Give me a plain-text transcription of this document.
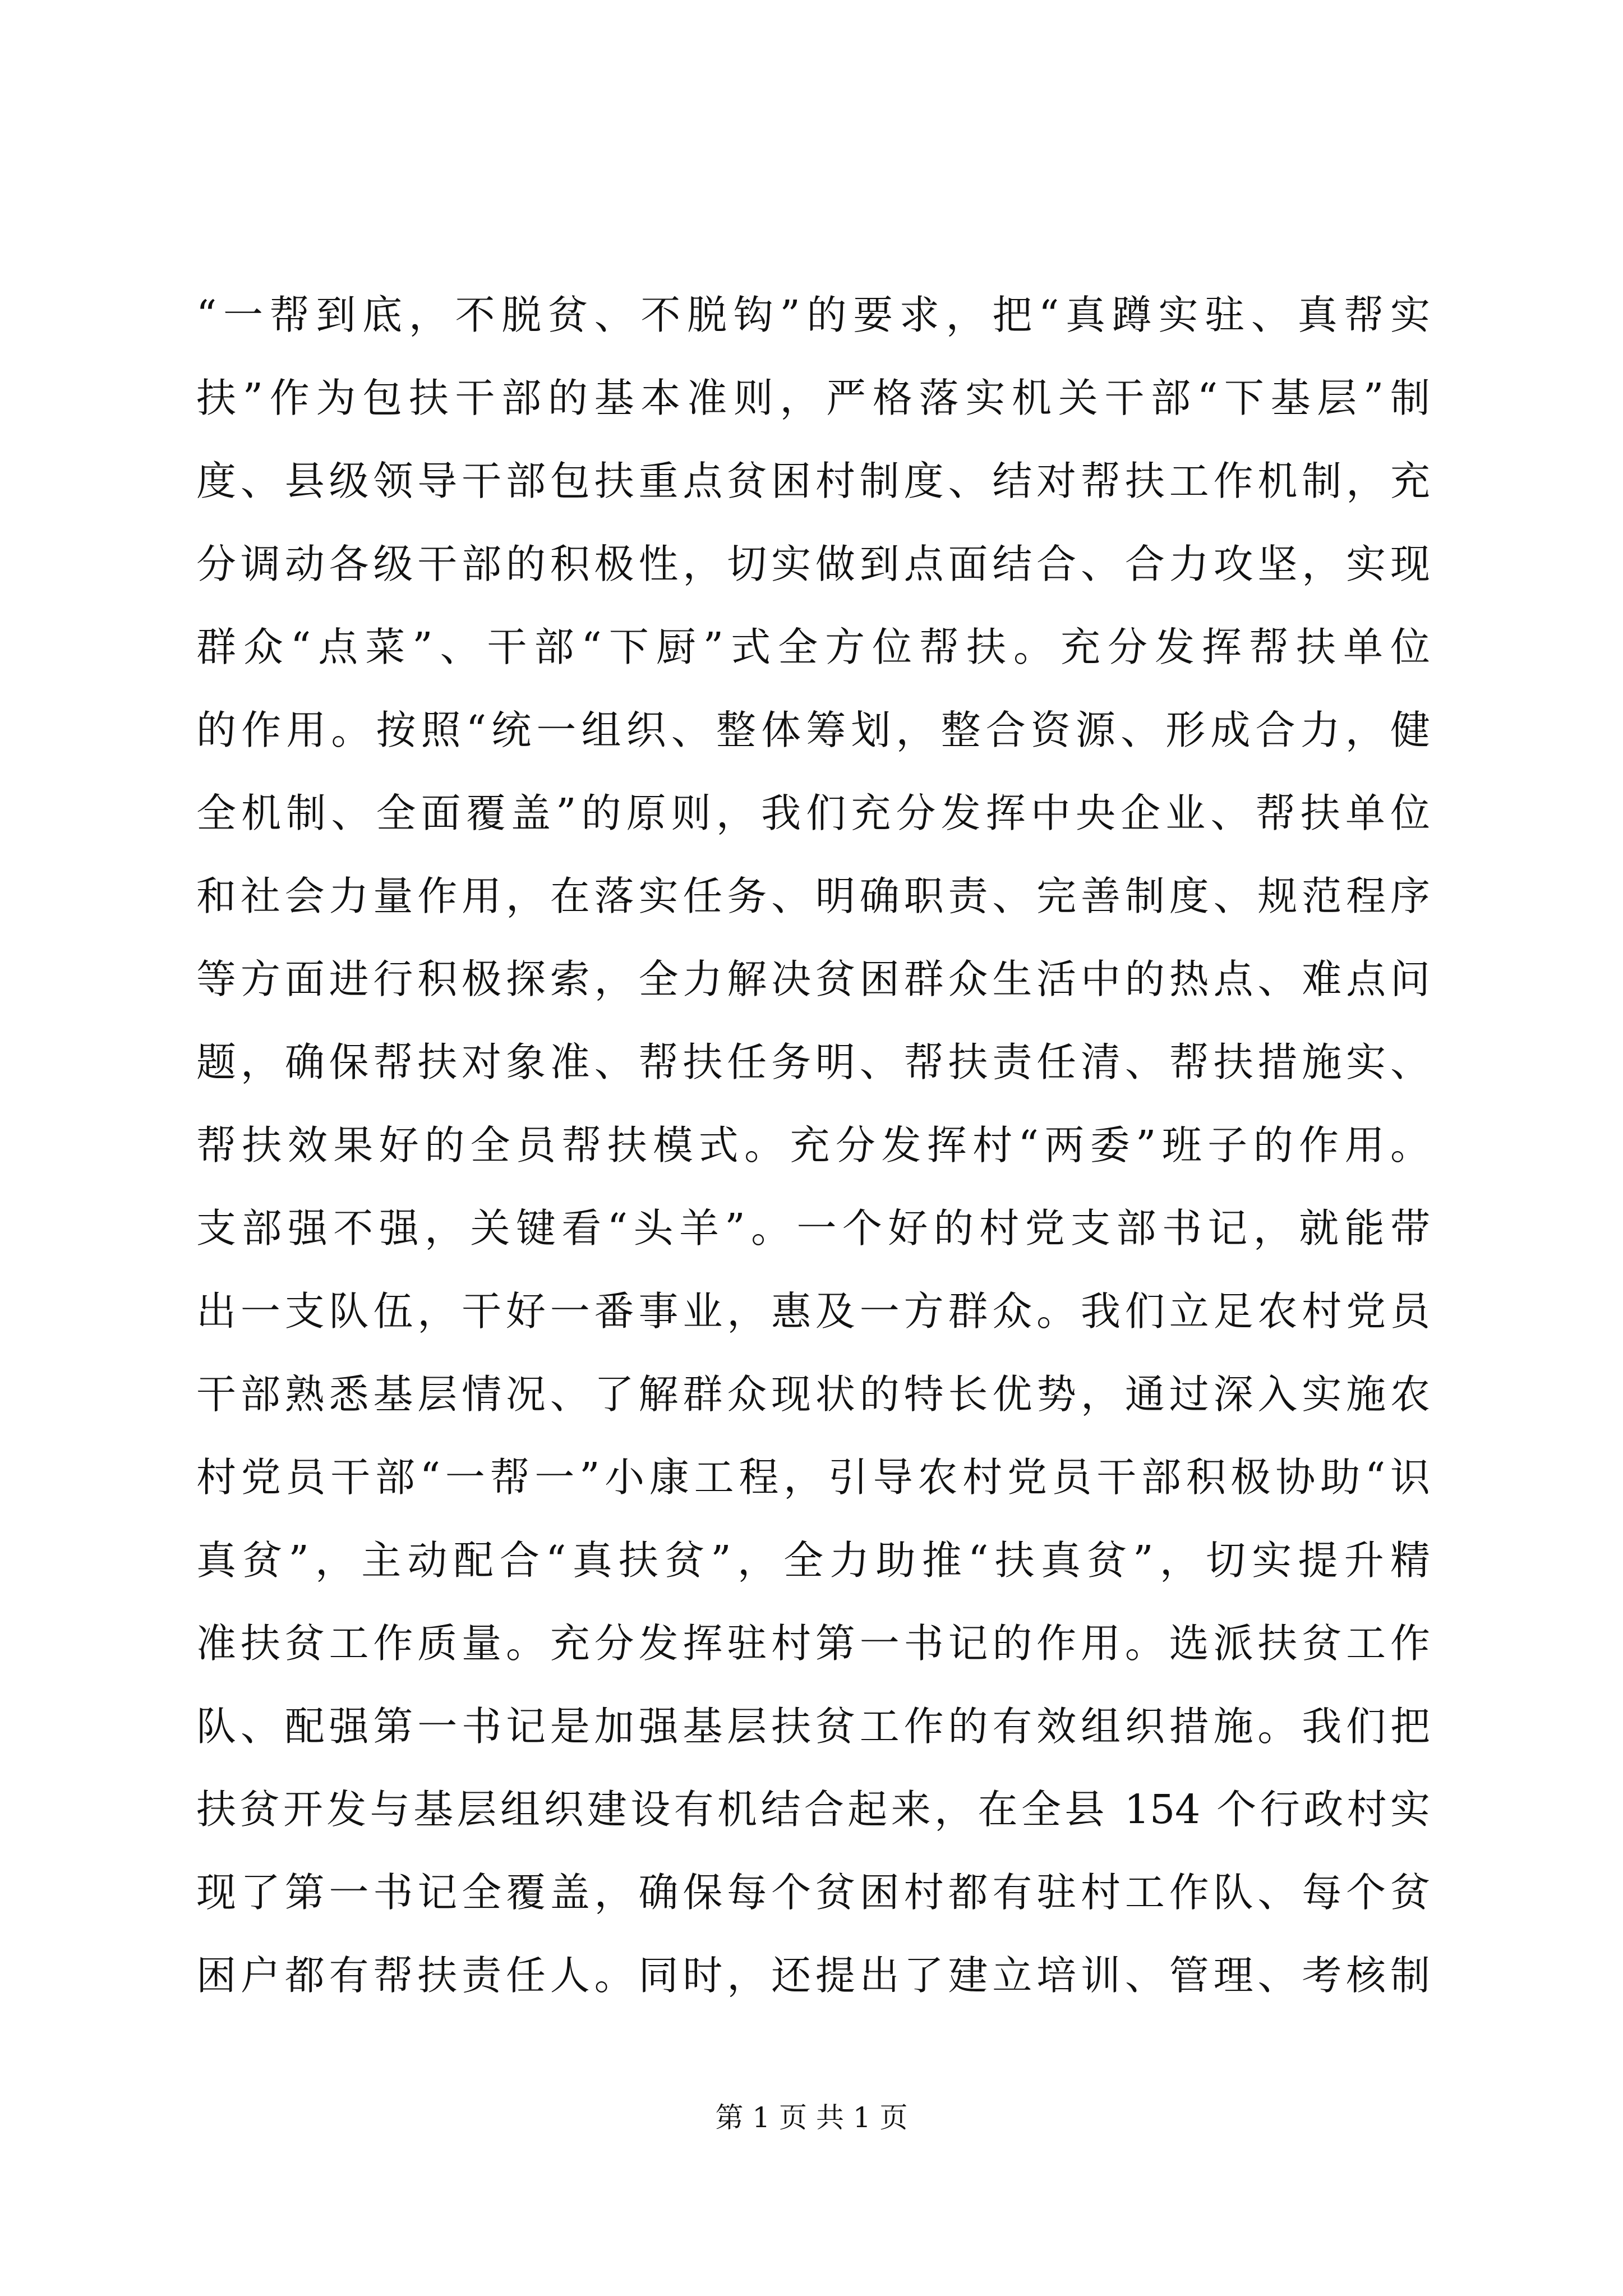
“一帮到底，不脱贫、不脱钩”的要求，把“真蹲实驻、真帮实
扶”作为包扶干部的基本准则，严格落实机关干部“下基层”制
度、县级领导干部包扶重点贫困村制度、结对帮扶工作机制，充
分调动各级干部的积极性，切实做到点面结合、合力攻坚，实现
群众“点菜”、干部“下厨”式全方位帮扶。充分发挥帮扶单位
的作用。按照“统一组织、整体筹划，整合资源、形成合力，健
全机制、全面覆盖”的原则，我们充分发挥中央企业、帮扶单位
和社会力量作用，在落实任务、明确职责、完善制度、规范程序
等方面进行积极探索，全力解决贫困群众生活中的热点、难点问
题，确保帮扶对象准、帮扶任务明、帮扶责任清、帮扶措施实、
帮扶效果好的全员帮扶模式。充分发挥村“两委”班子的作用。
支部强不强，关键看“头羊”。一个好的村党支部书记，就能带
出一支队伍，干好一番事业，惠及一方群众。我们立足农村党员
干部熟悉基层情况、了解群众现状的特长优势，通过深入实施农
村党员干部“一帮一”小康工程，引导农村党员干部积极协助“识
真贫”，主动配合“真扶贫”，全力助推“扶真贫”，切实提升精
准扶贫工作质量。充分发挥驻村第一书记的作用。选派扶贫工作
队、配强第一书记是加强基层扶贫工作的有效组织措施。我们把
扶贫开发与基层组织建设有机结合起来，在全县 154 个行政村实
现了第一书记全覆盖，确保每个贫困村都有驻村工作队、每个贫
困户都有帮扶责任人。同时，还提出了建立培训、管理、考核制
第 1 页 共 1 页
